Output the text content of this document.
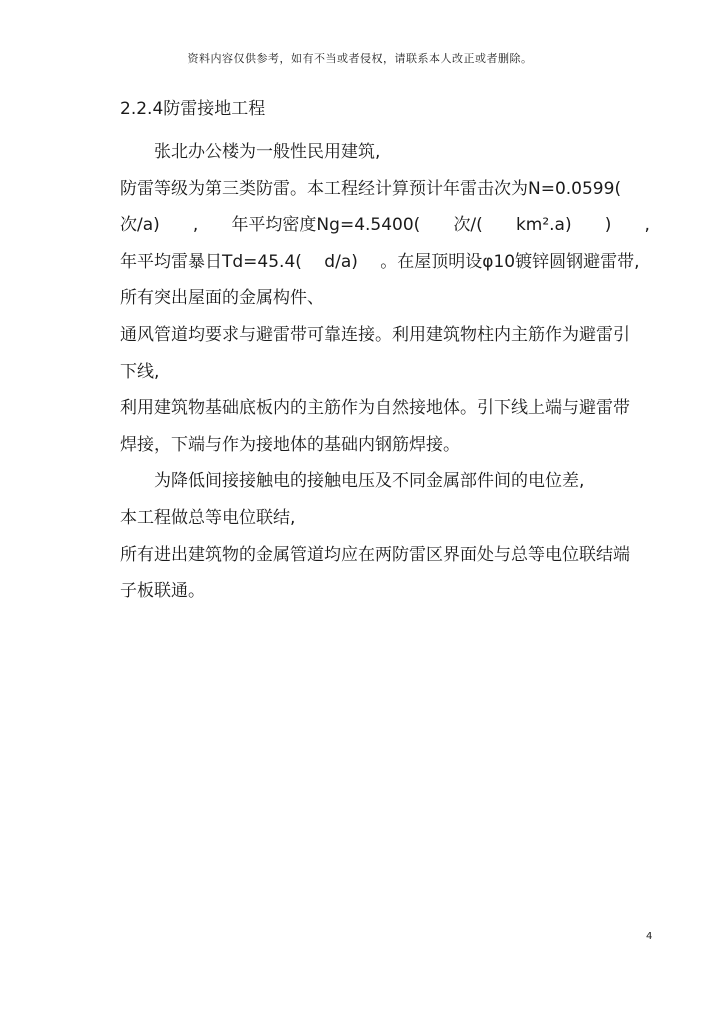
资料内容仅供参考，如有不当或者侵权，请联系本人改正或者删除。
2.2.4防雷接地工程
张北办公楼为一般性民用建筑,
防雷等级为第三类防雷。本工程经计算预计年雷击次为N=0.0599(
次/a) , 年平均密度Ng=4.5400( 次/( km².a) ) ,
年平均雷暴日Td=45.4(　 d/a)　 。在屋顶明设φ10镀锌圆钢避雷带,
所有突出屋面的金属构件、
通风管道均要求与避雷带可靠连接。利用建筑物柱内主筋作为避雷引
下线,
利用建筑物基础底板内的主筋作为自然接地体。引下线上端与避雷带
焊接，下端与作为接地体的基础内钢筋焊接。
为降低间接接触电的接触电压及不同金属部件间的电位差,
本工程做总等电位联结,
所有进出建筑物的金属管道均应在两防雷区界面处与总等电位联结端
子板联通。
4
